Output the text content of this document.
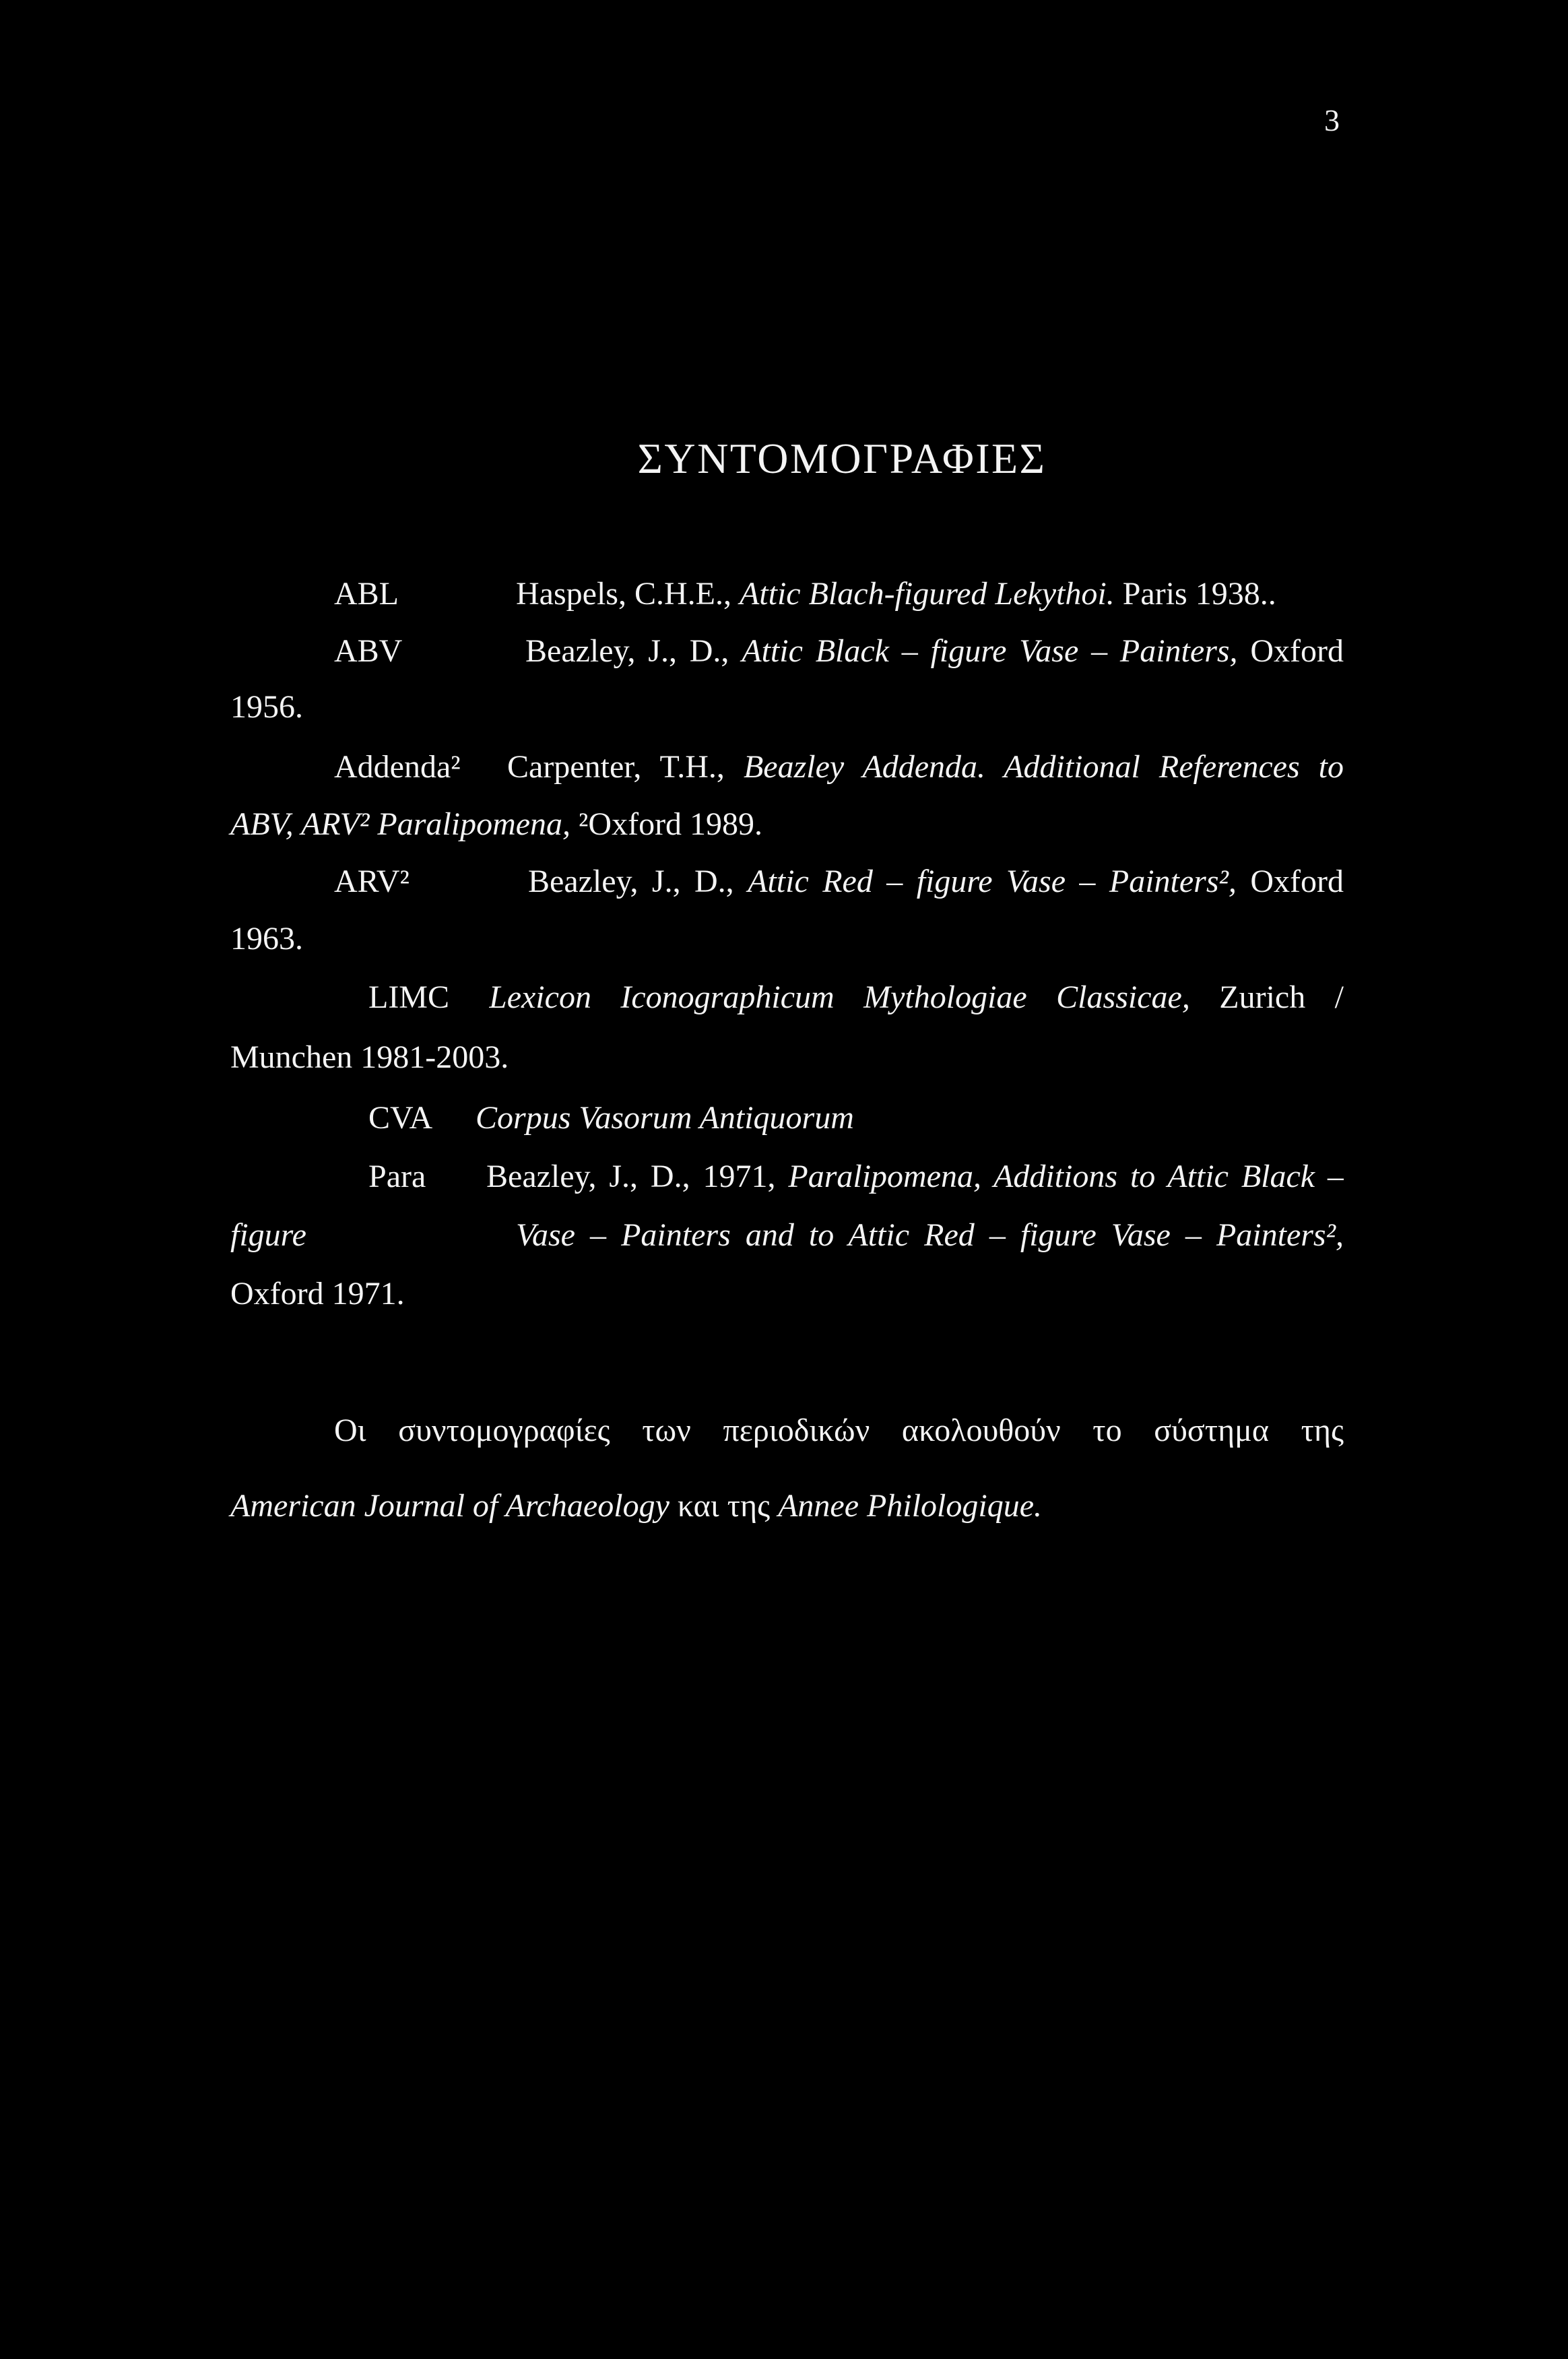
3
ΣΥΝΤΟΜΟΓΡΑΦΙΕΣ
ABL	Haspels, C.H.E., Attic Blach-figured Lekythoi. Paris 1938..
ABV	Beazley, J., D., Attic Black – figure Vase – Painters, Oxford
1956.
Addenda² Carpenter, T.H., Beazley Addenda. Additional References to
ABV, ARV² Paralipomena, ²Oxford 1989.
ARV²	Beazley, J., D., Attic Red – figure Vase – Painters², Oxford
1963.
LIMC Lexicon Iconographicum Mythologiae Classicae, Zurich /
Munchen 1981-2003.
CVA Corpus Vasorum Antiquorum
Para Beazley, J., D., 1971, Paralipomena, Additions to Attic Black –
figure	Vase – Painters and to Attic Red – figure Vase – Painters²,
Oxford 1971.
Οι συντομογραφίες των περιοδικών ακολουθούν το σύστημα της
American Journal of Archaeology και της Annee Philologique.
